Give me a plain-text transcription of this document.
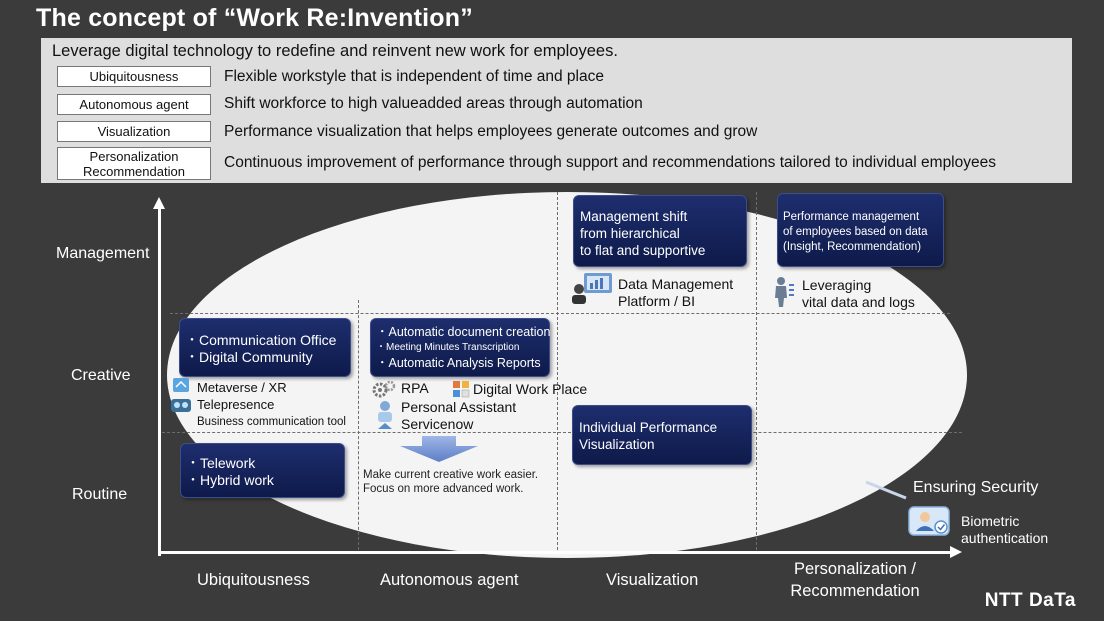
The concept of “Work Re:Invention”
Leverage digital technology to redefine and reinvent new work for employees.
Ubiquitousness	Flexible workstyle that is independent of time and place
Autonomous agent	Shift workforce to high valueadded areas through automation
Visualization	Performance visualization that helps employees generate outcomes and grow
Personalization
Recommendation	Continuous improvement of performance through support and recommendations tailored to individual employees
Management
Creative
Routine
Ubiquitousness	Autonomous agent	Visualization
Personalization /
Recommendation
・Communication Office
・Digital Community
・Automatic document creation
・Meeting Minutes Transcription
・Automatic Analysis Reports
・Telework
・Hybrid work
Management shift
from hierarchical
to flat and supportive
Performance management
of employees based on data
(Insight, Recommendation)
Individual Performance
Visualization
Metaverse / XR
Telepresence
Business communication tool
RPA	Digital Work Place
Personal Assistant
Servicenow
Make current creative work easier.
Focus on more advanced work.
Data Management
Platform / BI
Leveraging
vital data and logs
Ensuring Security
Biometric
authentication
NTT DaTa
